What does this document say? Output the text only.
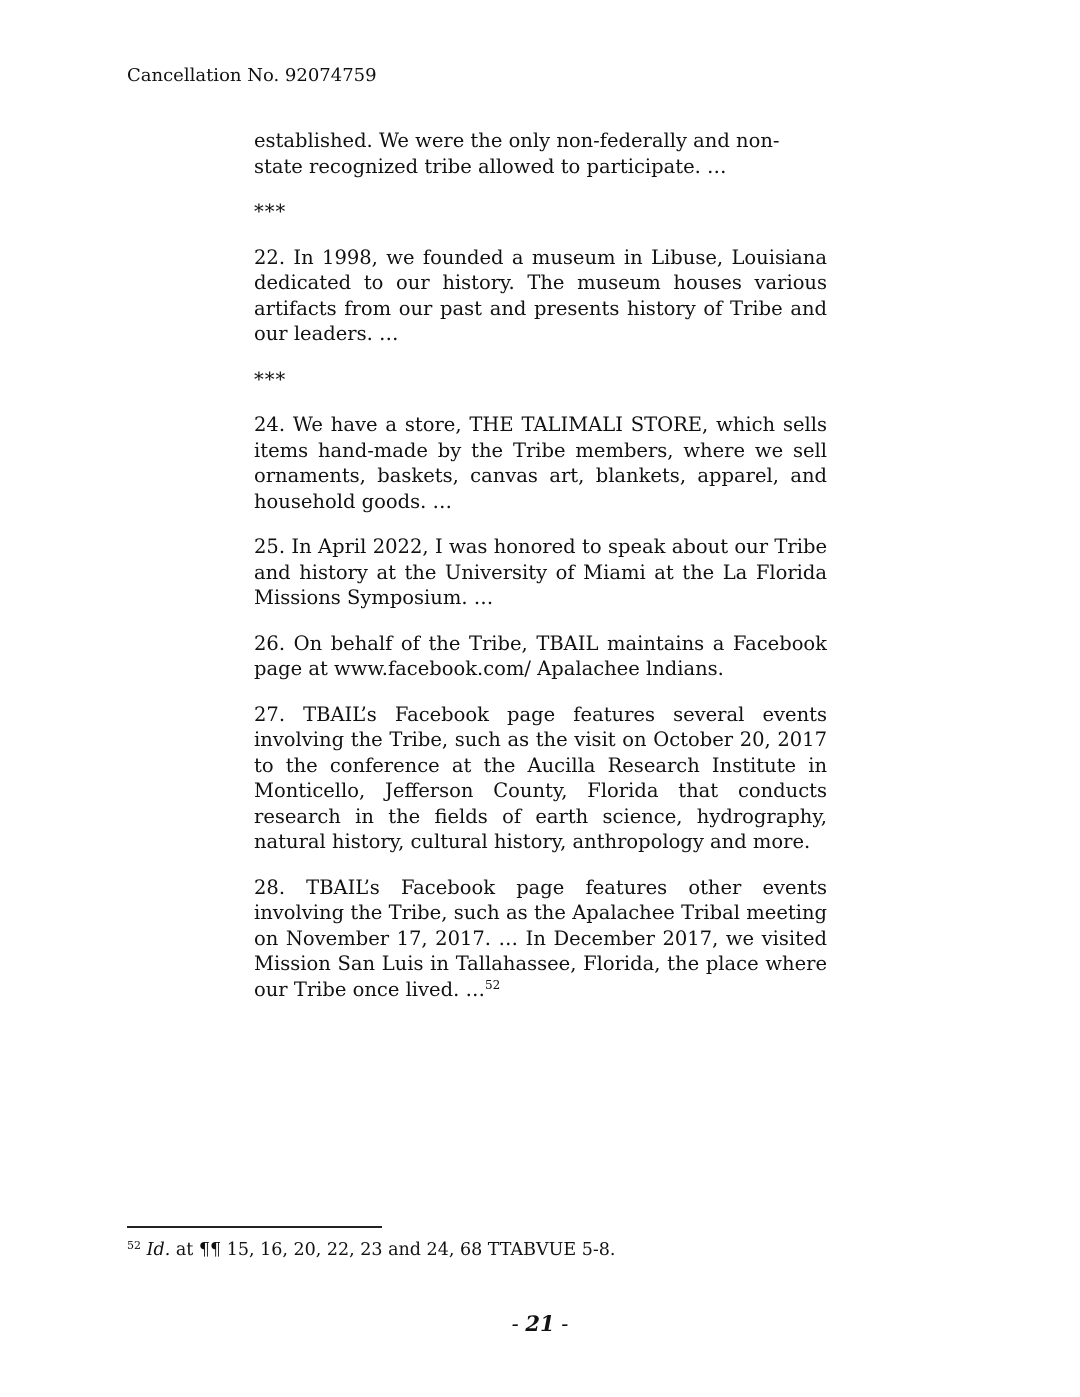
Cancellation No. 92074759

established. We were the only non-federally and non-state recognized tribe allowed to participate. …

***

22. In 1998, we founded a museum in Libuse, Louisiana dedicated to our history. The museum houses various artifacts from our past and presents history of Tribe and our leaders. …

***

24. We have a store, THE TALIMALI STORE, which sells items hand-made by the Tribe members, where we sell ornaments, baskets, canvas art, blankets, apparel, and household goods. …

25. In April 2022, I was honored to speak about our Tribe and history at the University of Miami at the La Florida Missions Symposium. …

26. On behalf of the Tribe, TBAIL maintains a Facebook page at www.facebook.com/ Apalachee lndians.

27. TBAIL’s Facebook page features several events involving the Tribe, such as the visit on October 20, 2017 to the conference at the Aucilla Research Institute in Monticello, Jefferson County, Florida that conducts research in the fields of earth science, hydrography, natural history, cultural history, anthropology and more.

28. TBAIL’s Facebook page features other events involving the Tribe, such as the Apalachee Tribal meeting on November 17, 2017. … In December 2017, we visited Mission San Luis in Tallahassee, Florida, the place where our Tribe once lived. …$^{52}$

$^{52}$ Id. at ¶¶ 15, 16, 20, 22, 23 and 24, 68 TTABVUE 5-8.
- 21 -
